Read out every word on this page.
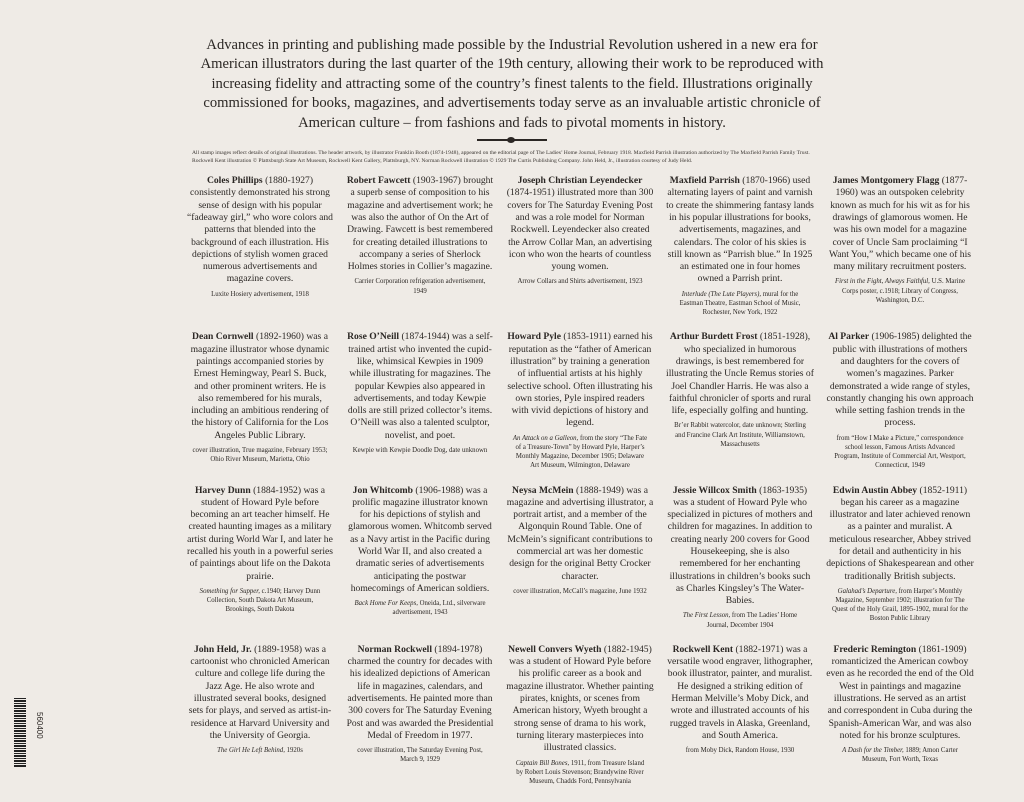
Advances in printing and publishing made possible by the Industrial Revolution ushered in a new era for American illustrators during the last quarter of the 19th century, allowing their work to be reproduced with increasing fidelity and attracting some of the country’s finest talents to the field. Illustrations originally commissioned for books, magazines, and advertisements today serve as an invaluable artistic chronicle of American culture – from fashions and fads to pivotal moments in history.
All stamp images reflect details of original illustrations. The header artwork, by illustrator Franklin Booth (1874-1948), appeared on the editorial page of The Ladies’ Home Journal, February 1918. Maxfield Parrish illustration authorized by The Maxfield Parrish Family Trust. Rockwell Kent illustration © Plattsburgh State Art Museum, Rockwell Kent Gallery, Plattsburgh, NY. Norman Rockwell illustration © 1929 The Curtis Publishing Company. John Held, Jr., illustration courtesy of Judy Held.
Coles Phillips (1880-1927) consistently demonstrated his strong sense of design with his popular “fadeaway girl,” who wore colors and patterns that blended into the background of each illustration. His depictions of stylish women graced numerous advertisements and magazine covers.
Luxite Hosiery advertisement, 1918
Robert Fawcett (1903-1967) brought a superb sense of composition to his magazine and advertisement work; he was also the author of On the Art of Drawing. Fawcett is best remembered for creating detailed illustrations to accompany a series of Sherlock Holmes stories in Collier’s magazine.
Carrier Corporation refrigeration advertisement, 1949
Joseph Christian Leyendecker (1874-1951) illustrated more than 300 covers for The Saturday Evening Post and was a role model for Norman Rockwell. Leyendecker also created the Arrow Collar Man, an advertising icon who won the hearts of countless young women.
Arrow Collars and Shirts advertisement, 1923
Maxfield Parrish (1870-1966) used alternating layers of paint and varnish to create the shimmering fantasy lands in his popular illustrations for books, advertisements, magazines, and calendars. The color of his skies is still known as “Parrish blue.” In 1925 an estimated one in four homes owned a Parrish print.
Interlude (The Lute Players), mural for the Eastman Theatre, Eastman School of Music, Rochester, New York, 1922
James Montgomery Flagg (1877-1960) was an outspoken celebrity known as much for his wit as for his drawings of glamorous women. He was his own model for a magazine cover of Uncle Sam proclaiming “I Want You,” which became one of his many military recruitment posters.
First in the Fight, Always Faithful, U.S. Marine Corps poster, c.1918; Library of Congress, Washington, D.C.
Dean Cornwell (1892-1960) was a magazine illustrator whose dynamic paintings accompanied stories by Ernest Hemingway, Pearl S. Buck, and other prominent writers. He is also remembered for his murals, including an ambitious rendering of the history of California for the Los Angeles Public Library.
cover illustration, True magazine, February 1953; Ohio River Museum, Marietta, Ohio
Rose O’Neill (1874-1944) was a self-trained artist who invented the cupid-like, whimsical Kewpies in 1909 while illustrating for magazines. The popular Kewpies also appeared in advertisements, and today Kewpie dolls are still prized collector’s items. O’Neill was also a talented sculptor, novelist, and poet.
Kewpie with Kewpie Doodle Dog, date unknown
Howard Pyle (1853-1911) earned his reputation as the “father of American illustration” by training a generation of influential artists at his highly selective school. Often illustrating his own stories, Pyle inspired readers with vivid depictions of history and legend.
An Attack on a Galleon, from the story “The Fate of a Treasure-Town” by Howard Pyle, Harper’s Monthly Magazine, December 1905; Delaware Art Museum, Wilmington, Delaware
Arthur Burdett Frost (1851-1928), who specialized in humorous drawings, is best remembered for illustrating the Uncle Remus stories of Joel Chandler Harris. He was also a faithful chronicler of sports and rural life, especially golfing and hunting.
Br’er Rabbit watercolor, date unknown; Sterling and Francine Clark Art Institute, Williamstown, Massachusetts
Al Parker (1906-1985) delighted the public with illustrations of mothers and daughters for the covers of women’s magazines. Parker demonstrated a wide range of styles, constantly changing his own approach while setting fashion trends in the process.
from “How I Make a Picture,” correspondence school lesson, Famous Artists Advanced Program, Institute of Commercial Art, Westport, Connecticut, 1949
Harvey Dunn (1884-1952) was a student of Howard Pyle before becoming an art teacher himself. He created haunting images as a military artist during World War I, and later he recalled his youth in a powerful series of paintings about life on the Dakota prairie.
Something for Supper, c.1940; Harvey Dunn Collection, South Dakota Art Museum, Brookings, South Dakota
Jon Whitcomb (1906-1988) was a prolific magazine illustrator known for his depictions of stylish and glamorous women. Whitcomb served as a Navy artist in the Pacific during World War II, and also created a dramatic series of advertisements anticipating the postwar homecomings of American soldiers.
Back Home For Keeps, Oneida, Ltd., silverware advertisement, 1943
Neysa McMein (1888-1949) was a magazine and advertising illustrator, a portrait artist, and a member of the Algonquin Round Table. One of McMein’s significant contributions to commercial art was her domestic design for the original Betty Crocker character.
cover illustration, McCall’s magazine, June 1932
Jessie Willcox Smith (1863-1935) was a student of Howard Pyle who specialized in pictures of mothers and children for magazines. In addition to creating nearly 200 covers for Good Housekeeping, she is also remembered for her enchanting illustrations in children’s books such as Charles Kingsley’s The Water-Babies.
The First Lesson, from The Ladies’ Home Journal, December 1904
Edwin Austin Abbey (1852-1911) began his career as a magazine illustrator and later achieved renown as a painter and muralist. A meticulous researcher, Abbey strived for detail and authenticity in his depictions of Shakespearean and other traditionally British subjects.
Galahad’s Departure, from Harper’s Monthly Magazine, September 1902; illustration for The Quest of the Holy Grail, 1895-1902, mural for the Boston Public Library
John Held, Jr. (1889-1958) was a cartoonist who chronicled American culture and college life during the Jazz Age. He also wrote and illustrated several books, designed sets for plays, and served as artist-in-residence at Harvard University and the University of Georgia.
The Girl He Left Behind, 1920s
Norman Rockwell (1894-1978) charmed the country for decades with his idealized depictions of American life in magazines, calendars, and advertisements. He painted more than 300 covers for The Saturday Evening Post and was awarded the Presidential Medal of Freedom in 1977.
cover illustration, The Saturday Evening Post, March 9, 1929
Newell Convers Wyeth (1882-1945) was a student of Howard Pyle before his prolific career as a book and magazine illustrator. Whether painting pirates, knights, or scenes from American history, Wyeth brought a strong sense of drama to his work, turning literary masterpieces into illustrated classics.
Captain Bill Bones, 1911, from Treasure Island by Robert Louis Stevenson; Brandywine River Museum, Chadds Ford, Pennsylvania
Rockwell Kent (1882-1971) was a versatile wood engraver, lithographer, book illustrator, painter, and muralist. He designed a striking edition of Herman Melville’s Moby Dick, and wrote and illustrated accounts of his rugged travels in Alaska, Greenland, and South America.
from Moby Dick, Random House, 1930
Frederic Remington (1861-1909) romanticized the American cowboy even as he recorded the end of the Old West in paintings and magazine illustrations. He served as an artist and correspondent in Cuba during the Spanish-American War, and was also noted for his bronze sculptures.
A Dash for the Timber, 1889; Amon Carter Museum, Fort Worth, Texas
560400
